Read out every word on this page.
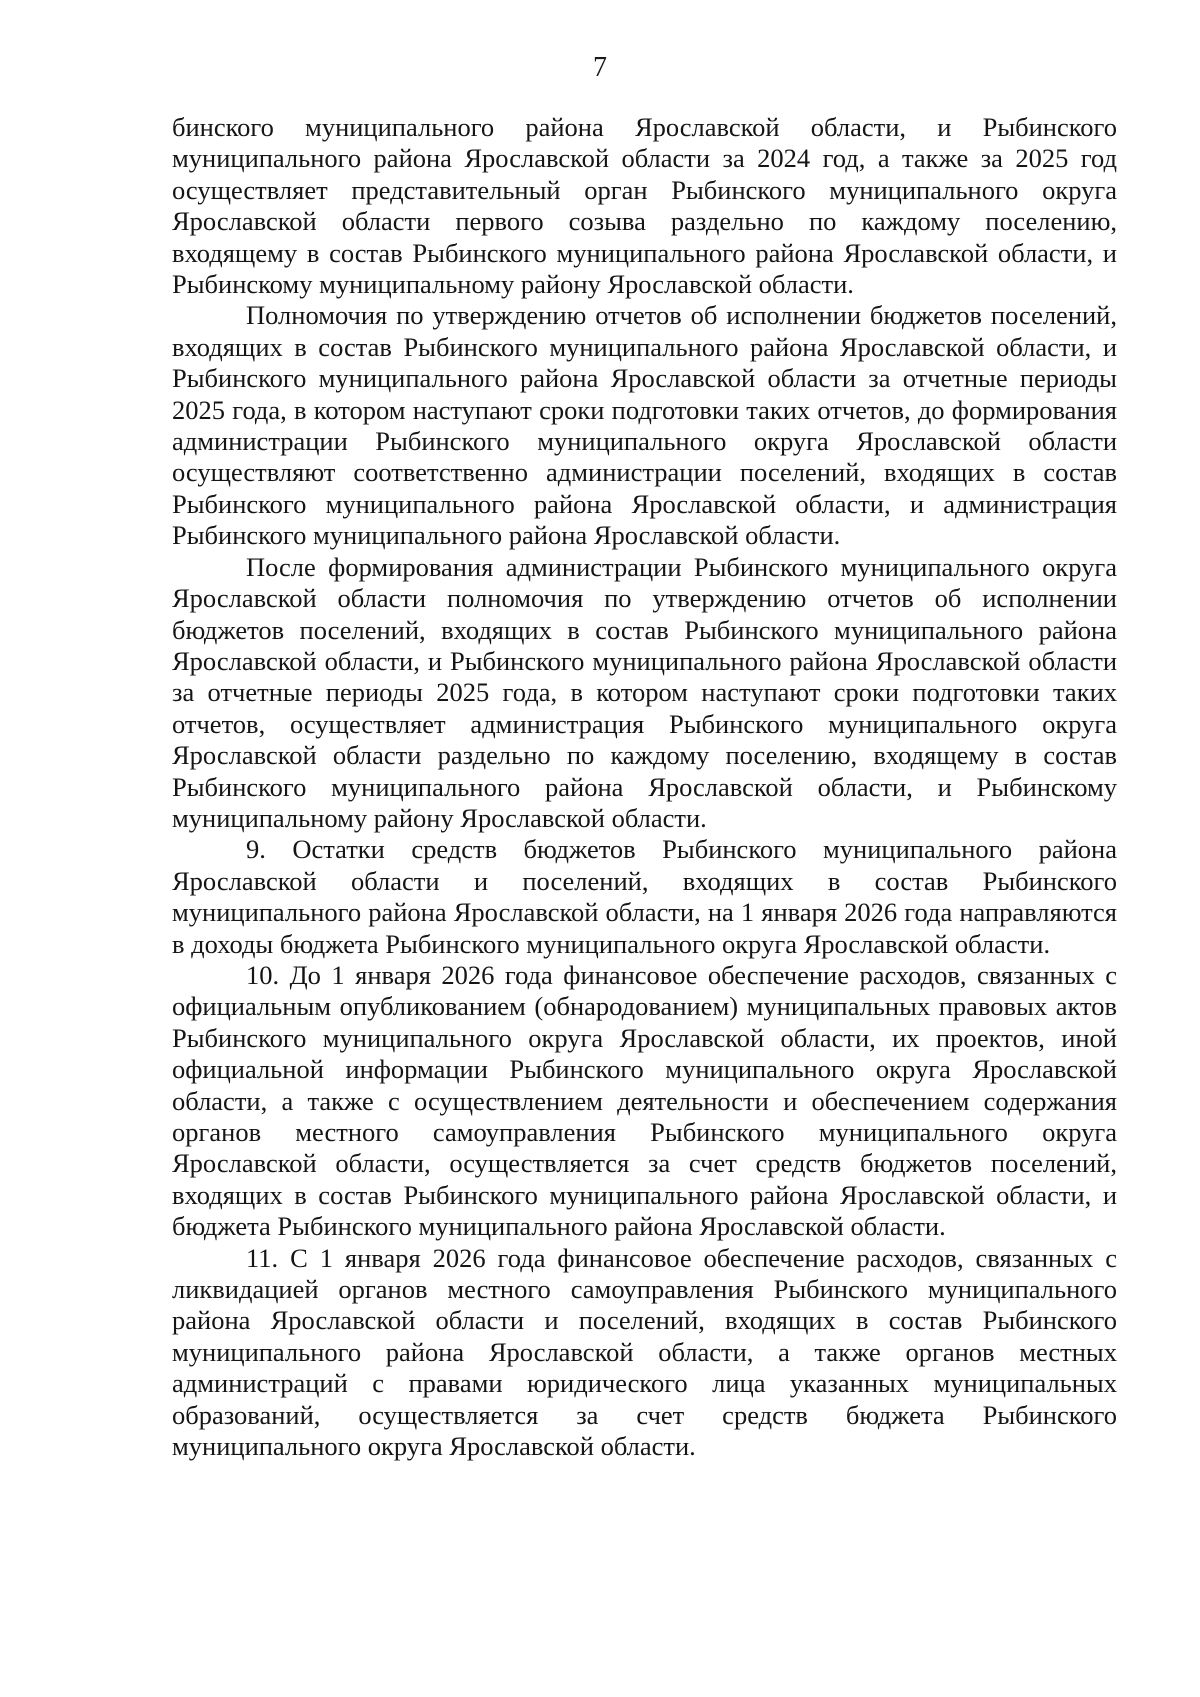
7

бинского муниципального района Ярославской области, и Рыбинского муниципального района Ярославской области за 2024 год, а также за 2025 год осуществляет представительный орган Рыбинского муниципального округа Ярославской области первого созыва раздельно по каждому поселению, входящему в состав Рыбинского муниципального района Ярославской области, и Рыбинскому муниципальному району Ярославской области.

Полномочия по утверждению отчетов об исполнении бюджетов поселений, входящих в состав Рыбинского муниципального района Ярославской области, и Рыбинского муниципального района Ярославской области за отчетные периоды 2025 года, в котором наступают сроки подготовки таких отчетов, до формирования администрации Рыбинского муниципального округа Ярославской области осуществляют соответственно администрации поселений, входящих в состав Рыбинского муниципального района Ярославской области, и администрация Рыбинского муниципального района Ярославской области.

После формирования администрации Рыбинского муниципального округа Ярославской области полномочия по утверждению отчетов об исполнении бюджетов поселений, входящих в состав Рыбинского муниципального района Ярославской области, и Рыбинского муниципального района Ярославской области за отчетные периоды 2025 года, в котором наступают сроки подготовки таких отчетов, осуществляет администрация Рыбинского муниципального округа Ярославской области раздельно по каждому поселению, входящему в состав Рыбинского муниципального района Ярославской области, и Рыбинскому муниципальному району Ярославской области.

9. Остатки средств бюджетов Рыбинского муниципального района Ярославской области и поселений, входящих в состав Рыбинского муниципального района Ярославской области, на 1 января 2026 года направляются в доходы бюджета Рыбинского муниципального округа Ярославской области.

10. До 1 января 2026 года финансовое обеспечение расходов, связанных с официальным опубликованием (обнародованием) муниципальных правовых актов Рыбинского муниципального округа Ярославской области, их проектов, иной официальной информации Рыбинского муниципального округа Ярославской области, а также с осуществлением деятельности и обеспечением содержания органов местного самоуправления Рыбинского муниципального округа Ярославской области, осуществляется за счет средств бюджетов поселений, входящих в состав Рыбинского муниципального района Ярославской области, и бюджета Рыбинского муниципального района Ярославской области.

11. С 1 января 2026 года финансовое обеспечение расходов, связанных с ликвидацией органов местного самоуправления Рыбинского муниципального района Ярославской области и поселений, входящих в состав Рыбинского муниципального района Ярославской области, а также органов местных администраций с правами юридического лица указанных муниципальных образований, осуществляется за счет средств бюджета Рыбинского муниципального округа Ярославской области.
